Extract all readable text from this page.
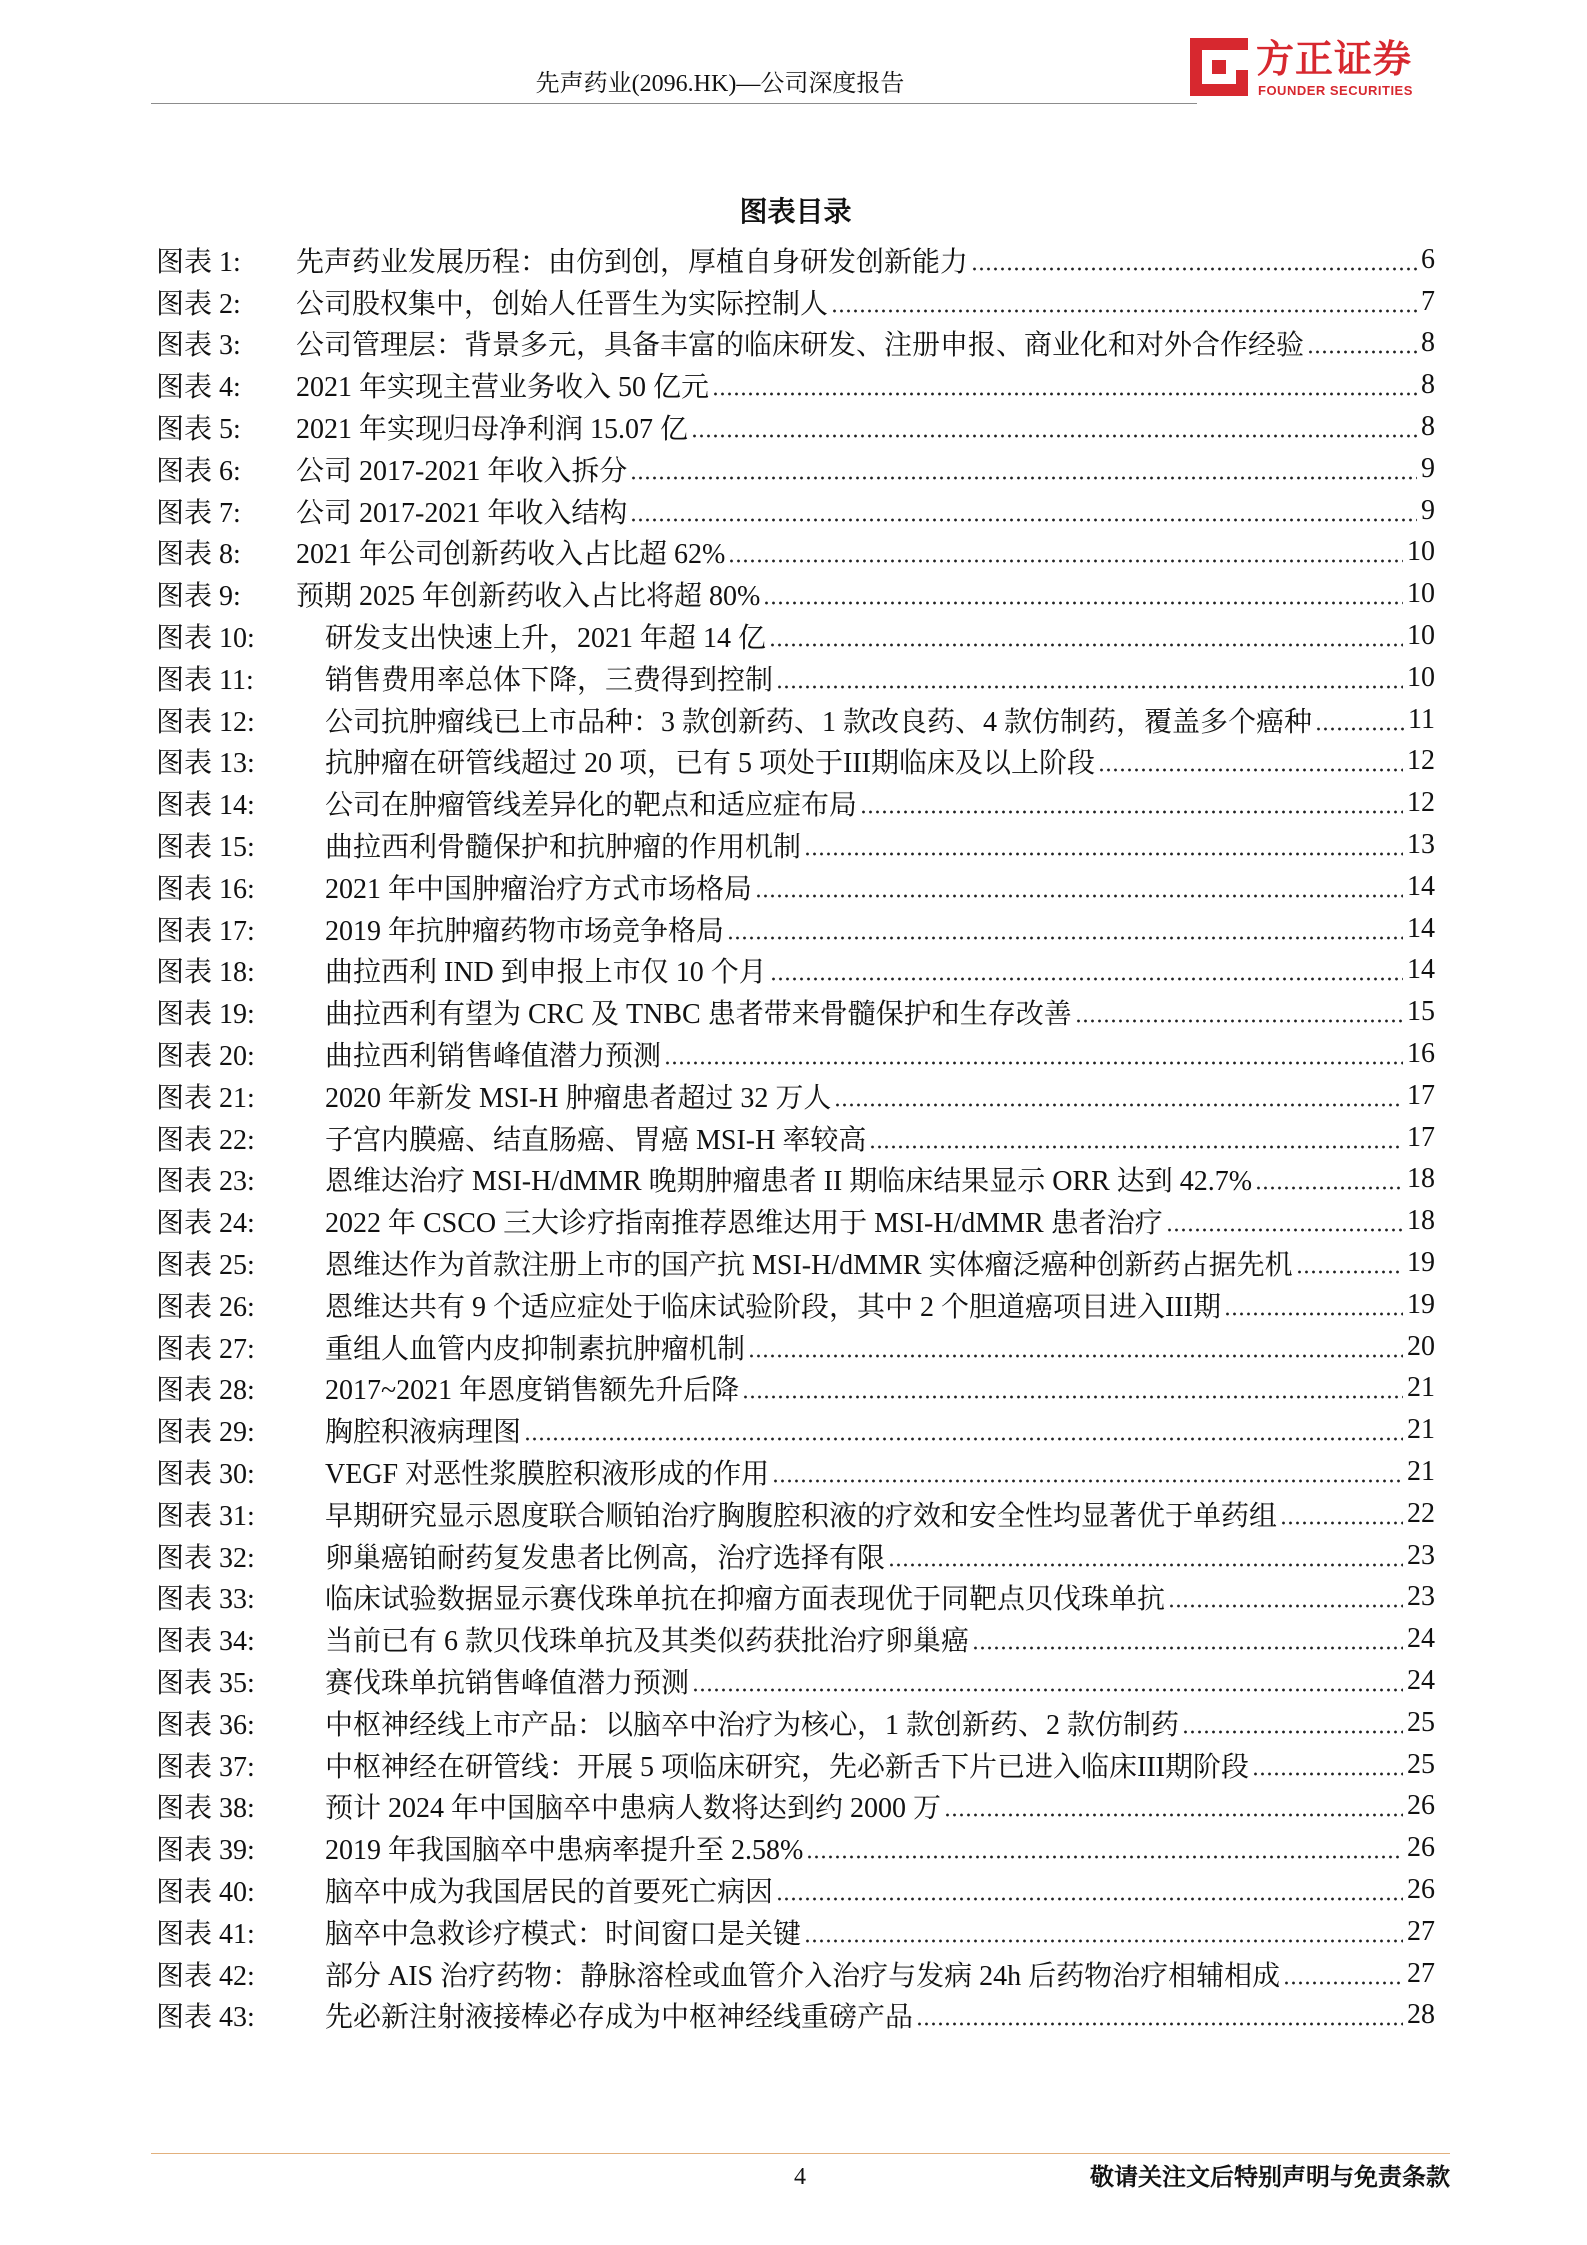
先声药业(2096.HK)—公司深度报告
方正证券
FOUNDER SECURITIES
图表目录
图表 1:	先声药业发展历程：由仿到创，厚植自身研发创新能力	6
图表 2:	公司股权集中，创始人任晋生为实际控制人	7
图表 3:	公司管理层：背景多元，具备丰富的临床研发、注册申报、商业化和对外合作经验	8
图表 4:	2021 年实现主营业务收入 50 亿元	8
图表 5:	2021 年实现归母净利润 15.07 亿	8
图表 6:	公司 2017-2021 年收入拆分	9
图表 7:	公司 2017-2021 年收入结构	9
图表 8:	2021 年公司创新药收入占比超 62%	10
图表 9:	预期 2025 年创新药收入占比将超 80%	10
图表 10:	研发支出快速上升，2021 年超 14 亿	10
图表 11:	销售费用率总体下降，三费得到控制	10
图表 12:	公司抗肿瘤线已上市品种：3 款创新药、1 款改良药、4 款仿制药，覆盖多个癌种	11
图表 13:	抗肿瘤在研管线超过 20 项，已有 5 项处于III期临床及以上阶段	12
图表 14:	公司在肿瘤管线差异化的靶点和适应症布局	12
图表 15:	曲拉西利骨髓保护和抗肿瘤的作用机制	13
图表 16:	2021 年中国肿瘤治疗方式市场格局	14
图表 17:	2019 年抗肿瘤药物市场竞争格局	14
图表 18:	曲拉西利 IND 到申报上市仅 10 个月	14
图表 19:	曲拉西利有望为 CRC 及 TNBC 患者带来骨髓保护和生存改善	15
图表 20:	曲拉西利销售峰值潜力预测	16
图表 21:	2020 年新发 MSI-H 肿瘤患者超过 32 万人	17
图表 22:	子宫内膜癌、结直肠癌、胃癌 MSI-H 率较高	17
图表 23:	恩维达治疗 MSI-H/dMMR 晚期肿瘤患者 II 期临床结果显示 ORR 达到 42.7%	18
图表 24:	2022 年 CSCO 三大诊疗指南推荐恩维达用于 MSI-H/dMMR 患者治疗	18
图表 25:	恩维达作为首款注册上市的国产抗 MSI-H/dMMR 实体瘤泛癌种创新药占据先机	19
图表 26:	恩维达共有 9 个适应症处于临床试验阶段，其中 2 个胆道癌项目进入III期	19
图表 27:	重组人血管内皮抑制素抗肿瘤机制	20
图表 28:	2017~2021 年恩度销售额先升后降	21
图表 29:	胸腔积液病理图	21
图表 30:	VEGF 对恶性浆膜腔积液形成的作用	21
图表 31:	早期研究显示恩度联合顺铂治疗胸腹腔积液的疗效和安全性均显著优于单药组	22
图表 32:	卵巢癌铂耐药复发患者比例高，治疗选择有限	23
图表 33:	临床试验数据显示赛伐珠单抗在抑瘤方面表现优于同靶点贝伐珠单抗	23
图表 34:	当前已有 6 款贝伐珠单抗及其类似药获批治疗卵巢癌	24
图表 35:	赛伐珠单抗销售峰值潜力预测	24
图表 36:	中枢神经线上市产品：以脑卒中治疗为核心，1 款创新药、2 款仿制药	25
图表 37:	中枢神经在研管线：开展 5 项临床研究，先必新舌下片已进入临床III期阶段	25
图表 38:	预计 2024 年中国脑卒中患病人数将达到约 2000 万	26
图表 39:	2019 年我国脑卒中患病率提升至 2.58%	26
图表 40:	脑卒中成为我国居民的首要死亡病因	26
图表 41:	脑卒中急救诊疗模式：时间窗口是关键	27
图表 42:	部分 AIS 治疗药物：静脉溶栓或血管介入治疗与发病 24h 后药物治疗相辅相成	27
图表 43:	先必新注射液接棒必存成为中枢神经线重磅产品	28
4	敬请关注文后特别声明与免责条款
